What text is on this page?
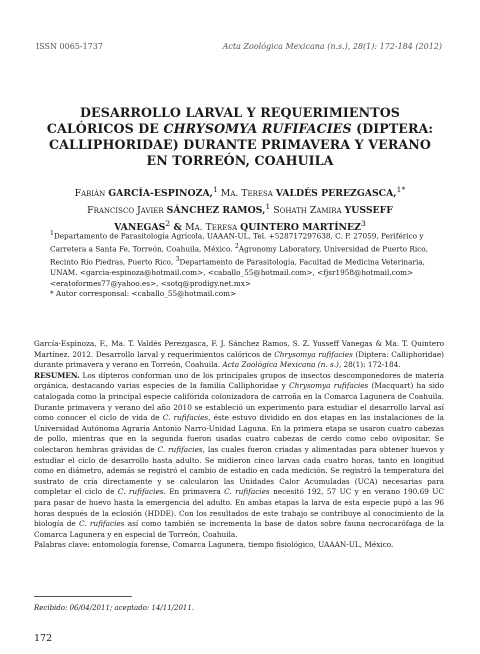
ISSN 0065-1737	Acta Zoológica Mexicana (n.s.), 28(1): 172-184 (2012)
DESARROLLO LARVAL Y REQUERIMIENTOS CALÓRICOS DE CHRYSOMYA RUFIFACIES (DIPTERA: CALLIPHORIDAE) DURANTE PRIMAVERA Y VERANO EN TORREÓN, COAHUILA
Fabián GARCÍA-ESPINOZA,$^1$ Ma. Teresa VALDÉS PEREZGASCA,$^{1*}$
Francisco Javier SÁNCHEZ RAMOS,$^1$ Sohath Zamira YUSSEFF
VANEGAS$^2$ & Ma. Teresa QUINTERO MARTÍNEZ$^3$
$^1$Departamento de Parasitología Agrícola, UAAAN-UL, Tel. +528717297638, C. P. 27059, Periférico y Carretera a Santa Fe, Torreón, Coahuila, México. $^2$Agronomy Laboratory, Universidad de Puerto Rico, Recinto Río Piedras, Puerto Rico, $^3$Departamento de Parasitología, Facultad de Medicina Veterinaria, UNAM. <garcia-espinoza@hotmail.com>, <caballo_55@hotmail.com>, <fjsr1958@hotmail.com> <eratoformes77@yahoo.es>, <sotq@prodigy.net.mx>
* Autor corresponsal: <caballo_55@hotmail.com>

García-Espinoza, F., Ma. T. Valdés Perezgasca, F. J. Sánchez Ramos, S. Z. Yusseff Vanegas & Ma. T. Quintero Martínez. 2012. Desarrollo larval y requerimientos calóricos de Chrysomya rufifacies (Diptera: Calliphoridae) durante primavera y verano en Torreón, Coahuila. Acta Zoológica Mexicana (n. s.), 28(1): 172-184.

RESUMEN. Los dípteros conforman uno de los principales grupos de insectos descomponedores de materia orgánica, destacando varias especies de la familia Calliphoridae y Chrysomya rufifacies (Macquart) ha sido catalogada como la principal especie califórida colonizadora de carroña en la Comarca Lagunera de Coahuila. Durante primavera y verano del año 2010 se estableció un experimento para estudiar el desarrollo larval así como conocer el ciclo de vida de C. rufifacies, éste estuvo dividido en dos etapas en las instalaciones de la Universidad Autónoma Agraria Antonio Narro-Unidad Laguna. En la primera etapa se usaron cuatro cabezas de pollo, mientras que en la segunda fueron usadas cuatro cabezas de cerdo como cebo ovipositar. Se colectaron hembras grávidas de C. rufifacies, las cuales fueron criadas y alimentadas para obtener huevos y estudiar el ciclo de desarrollo hasta adulto. Se midieron cinco larvas cada cuatro horas, tanto en longitud como en diámetro, además se registró el cambio de estadio en cada medición. Se registró la temperatura del sustrato de cría directamente y se calcularon las Unidades Calor Acumuladas (UCA) necesarias para completar el ciclo de C. rufifacies. En primavera C. rufifacies necesitó 192, 57 UC y en verano 190.69 UC para pasar de huevo hasta la emergencia del adulto. En ambas etapas la larva de esta especie pupó a las 96 horas después de la eclosión (HDDE). Con los resultados de este trabajo se contribuye al conocimiento de la biología de C. rufifacies así como también se incrementa la base de datos sobre fauna necrocarófaga de la Comarca Lagunera y en especial de Torreón, Coahuila.

Palabras clave: entomología forense, Comarca Lagunera, tiempo fisiológico, UAAAN-UL, México.

Recibido: 06/04/2011; aceptado: 14/11/2011.
172
